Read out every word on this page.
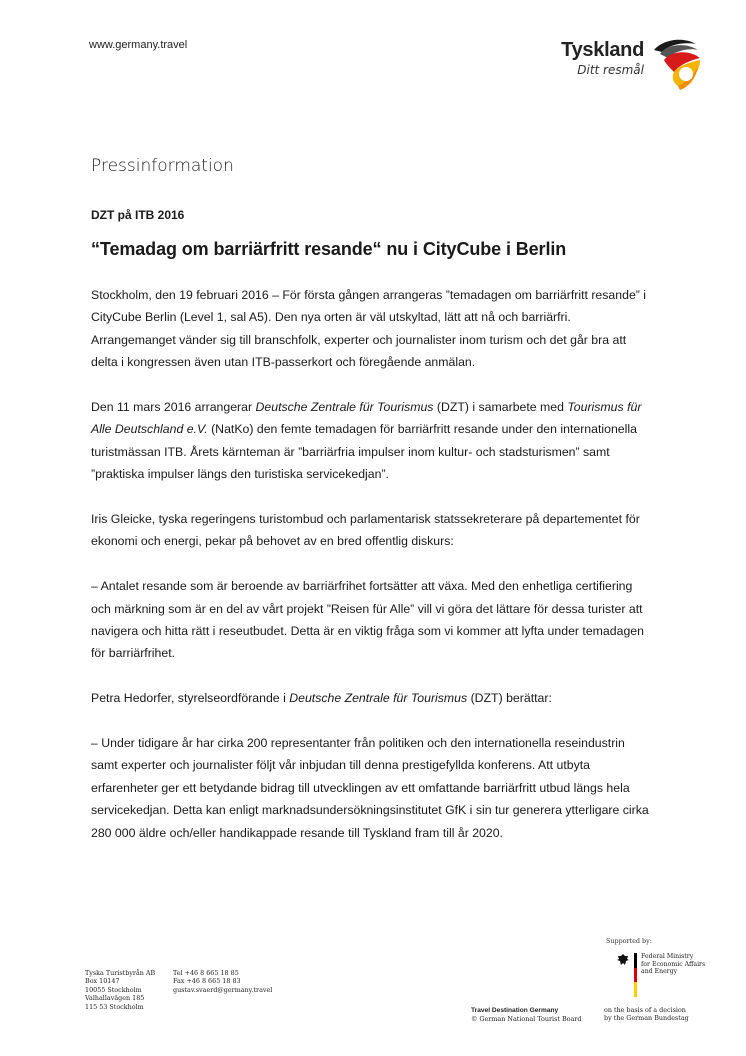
www.germany.travel	Tyskland
Ditt resmål
Pressinformation
DZT på ITB 2016
“Temadag om barriärfritt resande“ nu i CityCube i Berlin

Stockholm, den 19 februari 2016 – För första gången arrangeras ”temadagen om barriärfritt resande” i CityCube Berlin (Level 1, sal A5). Den nya orten är väl utskyltad, lätt att nå och barriärfri. Arrangemanget vänder sig till branschfolk, experter och journalister inom turism och det går bra att delta i kongressen även utan ITB-passerkort och föregående anmälan.

Den 11 mars 2016 arrangerar Deutsche Zentrale für Tourismus (DZT) i samarbete med Tourismus für Alle Deutschland e.V. (NatKo) den femte temadagen för barriärfritt resande under den internationella turistmässan ITB. Årets kärnteman är ”barriärfria impulser inom kultur- och stadsturismen” samt ”praktiska impulser längs den turistiska servicekedjan”.

Iris Gleicke, tyska regeringens turistombud och parlamentarisk statssekreterare på departementet för ekonomi och energi, pekar på behovet av en bred offentlig diskurs:

– Antalet resande som är beroende av barriärfrihet fortsätter att växa. Med den enhetliga certifiering och märkning som är en del av vårt projekt ”Reisen für Alle” vill vi göra det lättare för dessa turister att navigera och hitta rätt i reseutbudet. Detta är en viktig fråga som vi kommer att lyfta under temadagen för barriärfrihet.

Petra Hedorfer, styrelseordförande i Deutsche Zentrale für Tourismus (DZT) berättar:

– Under tidigare år har cirka 200 representanter från politiken och den internationella reseindustrin samt experter och journalister följt vår inbjudan till denna prestigefyllda konferens. Att utbyta erfarenheter ger ett betydande bidrag till utvecklingen av ett omfattande barriärfritt utbud längs hela servicekedjan. Detta kan enligt marknadsundersökningsinstitutet GfK i sin tur generera ytterligare cirka 280 000 äldre och/eller handikappade resande till Tyskland fram till år 2020.

Tyska Turistbyrån AB
Box 10147
10055 Stockholm
Valhallavägen 185
115 53 Stockholm
Tel +46 8 665 18 85
Fax +46 8 665 18 83
gustav.svaerd@germany.travel
Travel Destination Germany
© German National Tourist Board
Supported by:
Federal Ministry
for Economic Affairs
and Energy
on the basis of a decision
by the German Bundestag
